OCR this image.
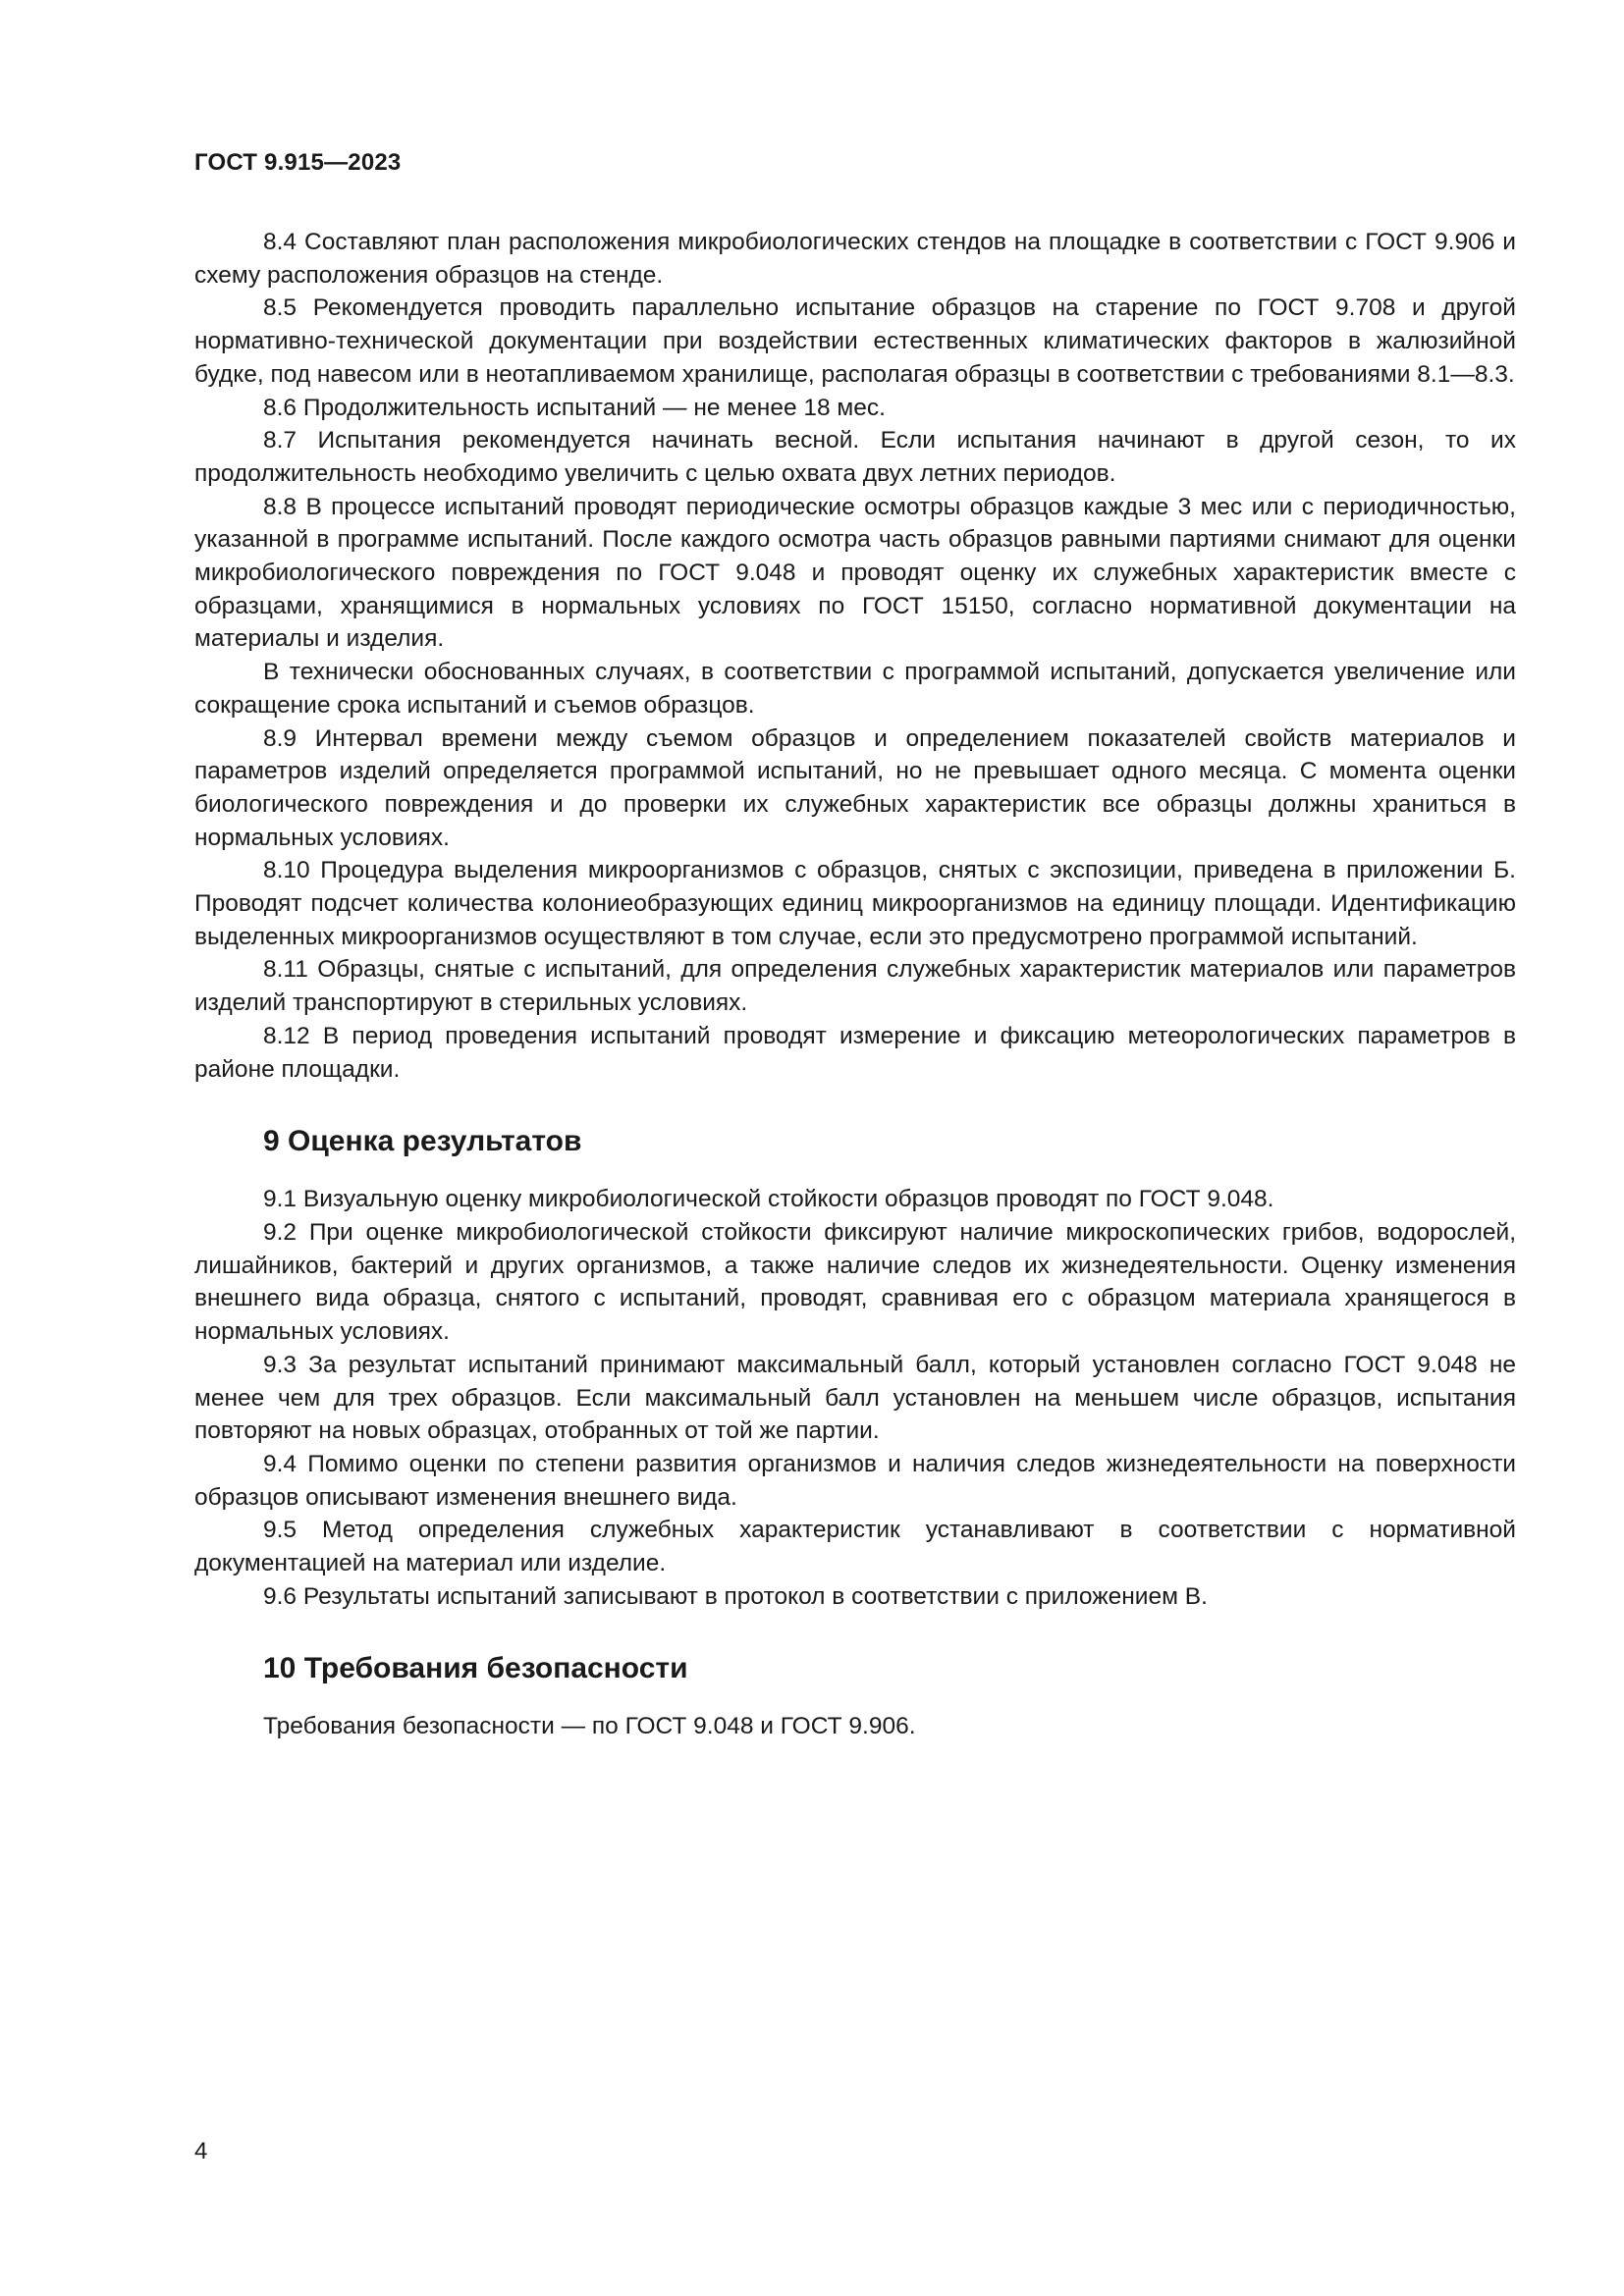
ГОСТ 9.915—2023

8.4 Составляют план расположения микробиологических стендов на площадке в соответствии с ГОСТ 9.906 и схему расположения образцов на стенде.

8.5 Рекомендуется проводить параллельно испытание образцов на старение по ГОСТ 9.708 и другой нормативно-технической документации при воздействии естественных климатических факторов в жалюзийной будке, под навесом или в неотапливаемом хранилище, располагая образцы в соответствии с требованиями 8.1—8.3.

8.6 Продолжительность испытаний — не менее 18 мес.

8.7 Испытания рекомендуется начинать весной. Если испытания начинают в другой сезон, то их продолжительность необходимо увеличить с целью охвата двух летних периодов.

8.8 В процессе испытаний проводят периодические осмотры образцов каждые 3 мес или с периодичностью, указанной в программе испытаний. После каждого осмотра часть образцов равными партиями снимают для оценки микробиологического повреждения по ГОСТ 9.048 и проводят оценку их служебных характеристик вместе с образцами, хранящимися в нормальных условиях по ГОСТ 15150, согласно нормативной документации на материалы и изделия.

В технически обоснованных случаях, в соответствии с программой испытаний, допускается увеличение или сокращение срока испытаний и съемов образцов.

8.9 Интервал времени между съемом образцов и определением показателей свойств материалов и параметров изделий определяется программой испытаний, но не превышает одного месяца. С момента оценки биологического повреждения и до проверки их служебных характеристик все образцы должны храниться в нормальных условиях.

8.10 Процедура выделения микроорганизмов с образцов, снятых с экспозиции, приведена в приложении Б. Проводят подсчет количества колониеобразующих единиц микроорганизмов на единицу площади. Идентификацию выделенных микроорганизмов осуществляют в том случае, если это предусмотрено программой испытаний.

8.11 Образцы, снятые с испытаний, для определения служебных характеристик материалов или параметров изделий транспортируют в стерильных условиях.

8.12 В период проведения испытаний проводят измерение и фиксацию метеорологических параметров в районе площадки.

9 Оценка результатов

9.1 Визуальную оценку микробиологической стойкости образцов проводят по ГОСТ 9.048.

9.2 При оценке микробиологической стойкости фиксируют наличие микроскопических грибов, водорослей, лишайников, бактерий и других организмов, а также наличие следов их жизнедеятельности. Оценку изменения внешнего вида образца, снятого с испытаний, проводят, сравнивая его с образцом материала хранящегося в нормальных условиях.

9.3 За результат испытаний принимают максимальный балл, который установлен согласно ГОСТ 9.048 не менее чем для трех образцов. Если максимальный балл установлен на меньшем числе образцов, испытания повторяют на новых образцах, отобранных от той же партии.

9.4 Помимо оценки по степени развития организмов и наличия следов жизнедеятельности на поверхности образцов описывают изменения внешнего вида.

9.5 Метод определения служебных характеристик устанавливают в соответствии с нормативной документацией на материал или изделие.

9.6 Результаты испытаний записывают в протокол в соответствии с приложением В.

10 Требования безопасности

Требования безопасности — по ГОСТ 9.048 и ГОСТ 9.906.

4
